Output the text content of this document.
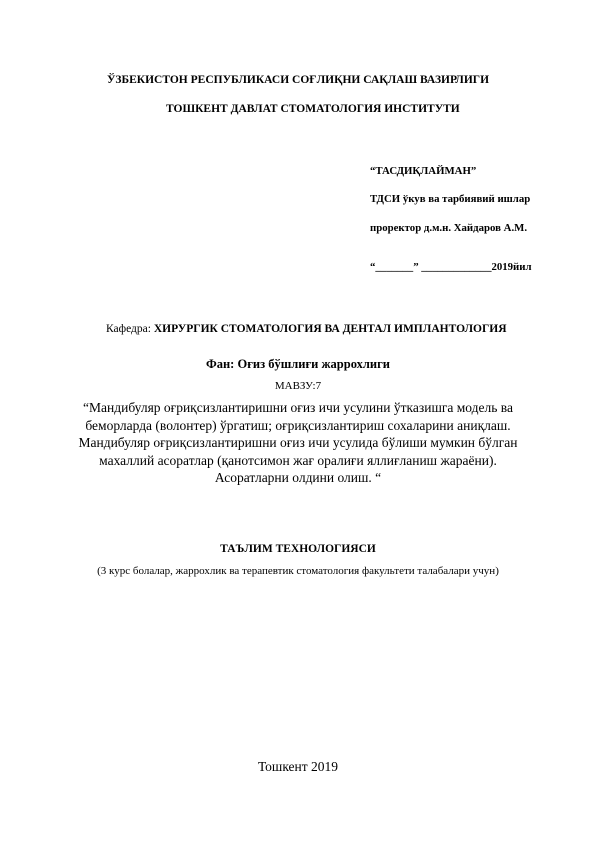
ЎЗБЕКИСТОН РЕСПУБЛИКАСИ СОҒЛИҚНИ САҚЛАШ ВАЗИРЛИГИ
ТОШКЕНТ ДАВЛАТ СТОМАТОЛОГИЯ ИНСТИТУТИ
“ТАСДИҚЛАЙМАН”
ТДСИ ўкув ва тарбиявий ишлар
проректор д.м.н. Хайдаров А.М.
“_______” _____________2019йил
Кафедра: ХИРУРГИК СТОМАТОЛОГИЯ ВА ДЕНТАЛ ИМПЛАНТОЛОГИЯ
Фан: Оғиз бўшлиғи жаррохлиги
МАВЗУ:7
“Мандибуляр оғриқсизлантиришни оғиз ичи усулини ўтказишга модель ва
беморларда (волонтер) ўргатиш; оғриқсизлантириш сохаларини аниқлаш.
Мандибуляр оғриқсизлантиришни оғиз ичи усулида бўлиши мумкин бўлган
махаллий асоратлар (қанотсимон жағ оралиғи яллиғланиш жараёни).
Асоратларни олдини олиш. “
ТАЪЛИМ ТЕХНОЛОГИЯСИ
(3 курс болалар, жаррохлик ва терапевтик стоматология факультети талабалари учун)
Тошкент 2019
